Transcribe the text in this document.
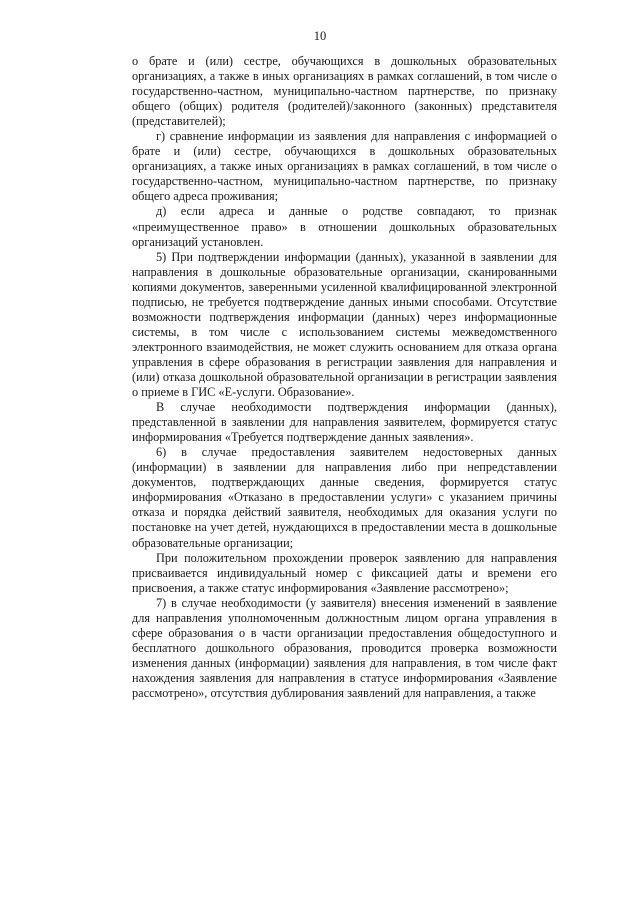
10

о брате и (или) сестре, обучающихся в дошкольных образовательных организациях, а также в иных организациях в рамках соглашений, в том числе о государственно-частном, муниципально-частном партнерстве, по признаку общего (общих) родителя (родителей)/законного (законных) представителя (представителей);

г) сравнение информации из заявления для направления с информацией о брате и (или) сестре, обучающихся в дошкольных образовательных организациях, а также иных организациях в рамках соглашений, в том числе о государственно-частном, муниципально-частном партнерстве, по признаку общего адреса проживания;

д) если адреса и данные о родстве совпадают, то признак «преимущественное право» в отношении дошкольных образовательных организаций установлен.

5) При подтверждении информации (данных), указанной в заявлении для направления в дошкольные образовательные организации, сканированными копиями документов, заверенными усиленной квалифицированной электронной подписью, не требуется подтверждение данных иными способами. Отсутствие возможности подтверждения информации (данных) через информационные системы, в том числе с использованием системы межведомственного электронного взаимодействия, не может служить основанием для отказа органа управления в сфере образования в регистрации заявления для направления и (или) отказа дошкольной образовательной организации в регистрации заявления о приеме в ГИС «Е-услуги. Образование».

В случае необходимости подтверждения информации (данных), представленной в заявлении для направления заявителем, формируется статус информирования «Требуется подтверждение данных заявления».

6) в случае предоставления заявителем недостоверных данных (информации) в заявлении для направления либо при непредставлении документов, подтверждающих данные сведения, формируется статус информирования «Отказано в предоставлении услуги» с указанием причины отказа и порядка действий заявителя, необходимых для оказания услуги по постановке на учет детей, нуждающихся в предоставлении места в дошкольные образовательные организации;

При положительном прохождении проверок заявлению для направления присваивается индивидуальный номер с фиксацией даты и времени его присвоения, а также статус информирования «Заявление рассмотрено»;

7) в случае необходимости (у заявителя) внесения изменений в заявление для направления уполномоченным должностным лицом органа управления в сфере образования о в части организации предоставления общедоступного и бесплатного дошкольного образования, проводится проверка возможности изменения данных (информации) заявления для направления, в том числе факт нахождения заявления для направления в статусе информирования «Заявление рассмотрено», отсутствия дублирования заявлений для направления, а также
